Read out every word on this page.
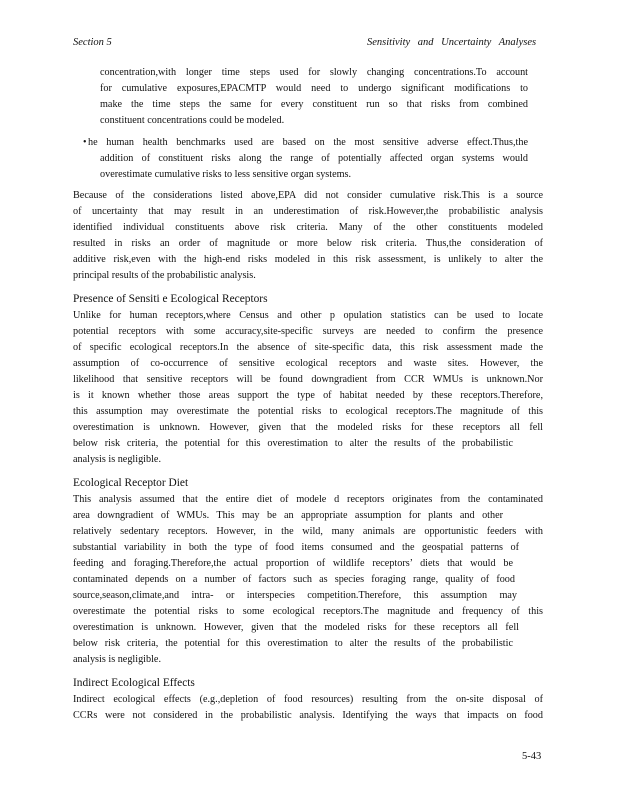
Section 5	Sensitivity and Uncertainty Analyses
concentration,with longer time steps used for slowly changing concentrations.To account
for cumulative exposures,EPACMTP would need to undergo significant modifications to
make the time steps the same for every constituent run so that risks from combined
constituent concentrations could be modeled.
• he human health benchmarks used are based on the most sensitive adverse effect.Thus,the
addition of constituent risks along the range of potentially affected organ systems would
overestimate cumulative risks to less sensitive organ systems.
Because of the considerations listed above,EPA did not consider cumulative risk.This is a source
of uncertainty that may result in an underestimation of risk.However,the probabilistic analysis
identified individual constituents above risk criteria. Many of the other constituents modeled
resulted in risks an order of magnitude or more below risk criteria. Thus,the consideration of
additive risk,even with the high-end risks modeled in this risk assessment, is unlikely to alter the
principal results of the probabilistic analysis.
Presence of Sensiti e Ecological Receptors
Unlike for human receptors,where Census and other p opulation statistics can be used to locate
potential receptors with some accuracy,site-specific surveys are needed to confirm the presence
of specific ecological receptors.In the absence of site-specific data, this risk assessment made the
assumption of co-occurrence of sensitive ecological receptors and waste sites. However, the
likelihood that sensitive receptors will be found downgradient from CCR WMUs is unknown.Nor
is it known whether those areas support the type of habitat needed by these receptors.Therefore,
this assumption may overestimate the potential risks to ecological receptors.The magnitude of this
overestimation is unknown. However, given that the modeled risks for these receptors all fell
below risk criteria, the potential for this overestimation to alter the results of the probabilistic
analysis is negligible.
Ecological Receptor Diet
This analysis assumed that the entire diet of modele d receptors originates from the contaminated
area downgradient of WMUs. This may be an appropriate assumption for plants and other
relatively sedentary receptors. However, in the wild, many animals are opportunistic feeders with
substantial variability in both the type of food items consumed and the geospatial patterns of
feeding and foraging.Therefore,the actual proportion of wildlife receptors’ diets that would be
contaminated depends on a number of factors such as species foraging range, quality of food
source,season,climate,and intra- or interspecies competition.Therefore, this assumption may
overestimate the potential risks to some ecological receptors.The magnitude and frequency of this
overestimation is unknown. However, given that the modeled risks for these receptors all fell
below risk criteria, the potential for this overestimation to alter the results of the probabilistic
analysis is negligible.
Indirect Ecological Effects
Indirect ecological effects (e.g.,depletion of food resources) resulting from the on-site disposal of
CCRs were not considered in the probabilistic analysis. Identifying the ways that impacts on food
5-43
